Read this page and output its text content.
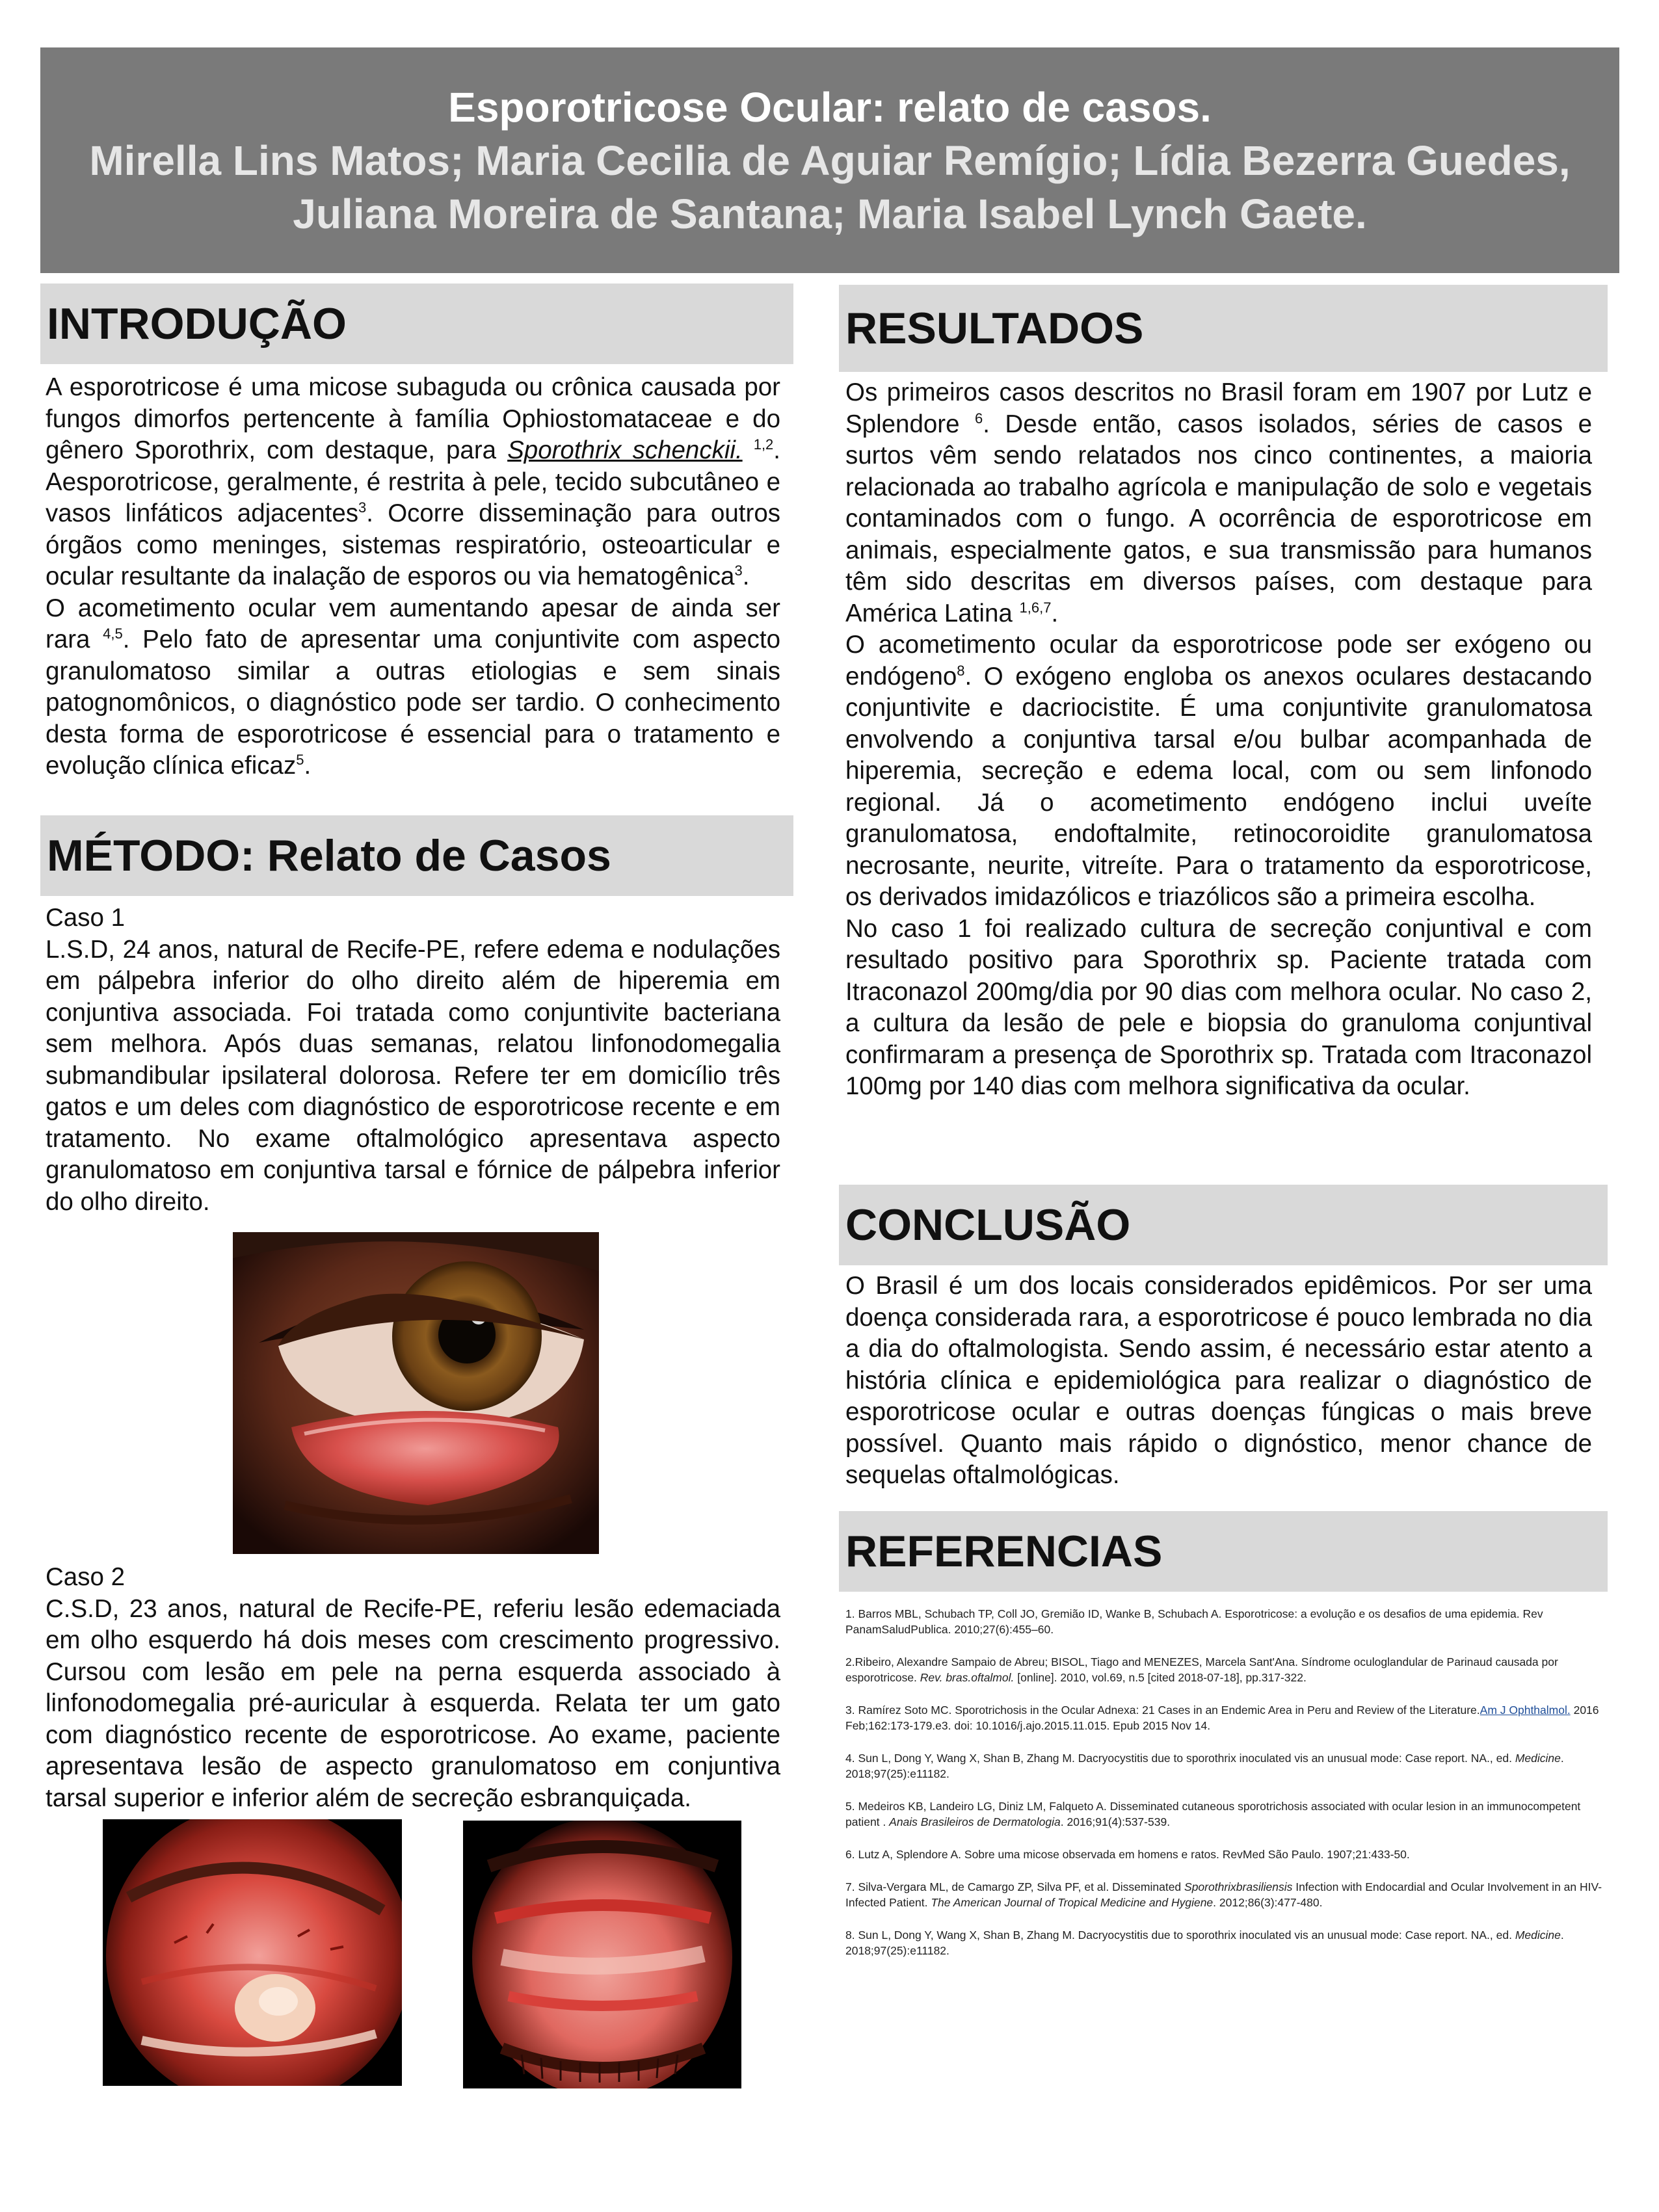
Esporotricose Ocular: relato de casos.
Mirella Lins Matos; Maria Cecilia de Aguiar Remígio; Lídia Bezerra Guedes,
Juliana Moreira de Santana; Maria Isabel Lynch Gaete.
INTRODUÇÃO

A esporotricose é uma micose subaguda ou crônica causada por fungos dimorfos pertencente à família Ophiostomataceae e do gênero Sporothrix, com destaque, para Sporothrix schenckii. $^{1,2}$. Aesporotricose, geralmente, é restrita à pele, tecido subcutâneo e vasos linfáticos adjacentes$^3$. Ocorre disseminação para outros órgãos como meninges, sistemas respiratório, osteoarticular e ocular resultante da inalação de esporos ou via hematogênica$^3$.

O acometimento ocular vem aumentando apesar de ainda ser rara $^{4,5}$. Pelo fato de apresentar uma conjuntivite com aspecto granulomatoso similar a outras etiologias e sem sinais patognomônicos, o diagnóstico pode ser tardio. O conhecimento desta forma de esporotricose é essencial para o tratamento e evolução clínica eficaz$^5$.

MÉTODO: Relato de Casos

Caso 1

L.S.D, 24 anos, natural de Recife-PE, refere edema e nodulações em pálpebra inferior do olho direito além de hiperemia em conjuntiva associada. Foi tratada como conjuntivite bacteriana sem melhora. Após duas semanas, relatou linfonodomegalia submandibular ipsilateral dolorosa. Refere ter em domicílio três gatos e um deles com diagnóstico de esporotricose recente e em tratamento. No exame oftalmológico apresentava aspecto granulomatoso em conjuntiva tarsal e fórnice de pálpebra inferior do olho direito.

Caso 2

C.S.D, 23 anos, natural de Recife-PE, referiu lesão edemaciada em olho esquerdo há dois meses com crescimento progressivo. Cursou com lesão em pele na perna esquerda associado à linfonodomegalia pré-auricular à esquerda. Relata ter um gato com diagnóstico recente de esporotricose. Ao exame, paciente apresentava lesão de aspecto granulomatoso em conjuntiva tarsal superior e inferior além de secreção esbranquiçada.

RESULTADOS

Os primeiros casos descritos no Brasil foram em 1907 por Lutz e Splendore $^6$. Desde então, casos isolados, séries de casos e surtos vêm sendo relatados nos cinco continentes, a maioria relacionada ao trabalho agrícola e manipulação de solo e vegetais contaminados com o fungo. A ocorrência de esporotricose em animais, especialmente gatos, e sua transmissão para humanos têm sido descritas em diversos países, com destaque para América Latina $^{1,6,7}$.

O acometimento ocular da esporotricose pode ser exógeno ou endógeno$^8$. O exógeno engloba os anexos oculares destacando conjuntivite e dacriocistite. É uma conjuntivite granulomatosa envolvendo a conjuntiva tarsal e/ou bulbar acompanhada de hiperemia, secreção e edema local, com ou sem linfonodo regional. Já o acometimento endógeno inclui uveíte granulomatosa, endoftalmite, retinocoroidite granulomatosa necrosante, neurite, vitreíte. Para o tratamento da esporotricose, os derivados imidazólicos e triazólicos são a primeira escolha.

No caso 1 foi realizado cultura de secreção conjuntival e com resultado positivo para Sporothrix sp. Paciente tratada com Itraconazol 200mg/dia por 90 dias com melhora ocular. No caso 2, a cultura da lesão de pele e biopsia do granuloma conjuntival confirmaram a presença de Sporothrix sp. Tratada com Itraconazol 100mg por 140 dias com melhora significativa da ocular.

CONCLUSÃO

O Brasil é um dos locais considerados epidêmicos. Por ser uma doença considerada rara, a esporotricose é pouco lembrada no dia a dia do oftalmologista. Sendo assim, é necessário estar atento a história clínica e epidemiológica para realizar o diagnóstico de esporotricose ocular e outras doenças fúngicas o mais breve possível. Quanto mais rápido o dignóstico, menor chance de sequelas oftalmológicas.

REFERENCIAS

1. Barros MBL, Schubach TP, Coll JO, Gremião ID, Wanke B, Schubach A. Esporotricose: a evolução e os desafios de uma epidemia. Rev PanamSaludPublica. 2010;27(6):455–60.

2.Ribeiro, Alexandre Sampaio de Abreu; BISOL, Tiago and MENEZES, Marcela Sant'Ana. Síndrome oculoglandular de Parinaud causada por esporotricose. Rev. bras.oftalmol. [online]. 2010, vol.69, n.5 [cited 2018-07-18], pp.317-322.

3. Ramírez Soto MC. Sporotrichosis in the Ocular Adnexa: 21 Cases in an Endemic Area in Peru and Review of the Literature.Am J Ophthalmol. 2016 Feb;162:173-179.e3. doi: 10.1016/j.ajo.2015.11.015. Epub 2015 Nov 14.

4. Sun L, Dong Y, Wang X, Shan B, Zhang M. Dacryocystitis due to sporothrix inoculated vis an unusual mode: Case report. NA., ed. Medicine. 2018;97(25):e11182.

5. Medeiros KB, Landeiro LG, Diniz LM, Falqueto A. Disseminated cutaneous sporotrichosis associated with ocular lesion in an immunocompetent patient . Anais Brasileiros de Dermatologia. 2016;91(4):537-539.

6. Lutz A, Splendore A. Sobre uma micose observada em homens e ratos. RevMed São Paulo. 1907;21:433-50.

7. Silva-Vergara ML, de Camargo ZP, Silva PF, et al. Disseminated Sporothrixbrasiliensis Infection with Endocardial and Ocular Involvement in an HIV-Infected Patient. The American Journal of Tropical Medicine and Hygiene. 2012;86(3):477-480.

8. Sun L, Dong Y, Wang X, Shan B, Zhang M. Dacryocystitis due to sporothrix inoculated vis an unusual mode: Case report. NA., ed. Medicine. 2018;97(25):e11182.
